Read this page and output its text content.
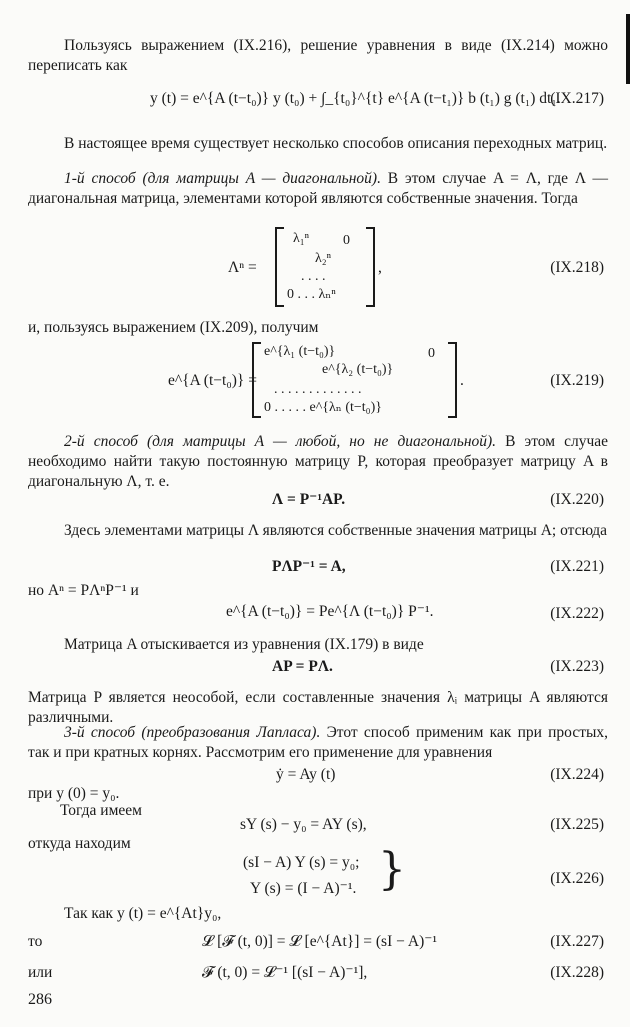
Пользуясь выражением (IX.216), решение уравнения в виде (IX.214) можно переписать как
y (t) = e^{A (t−t₀)} y (t₀) + ∫_{t₀}^{t} e^{A (t−t₁)} b (t₁) g (t₁) dt₁.
(IX.217)
В настоящее время существует несколько способов описания переходных матриц.
1-й способ (для матрицы A — диагональной). В этом случае A = Λ, где Λ — диагональная матрица, элементами которой являются собственные значения. Тогда
Λⁿ =
λ₁ⁿ 0
λ₂ⁿ
. . . .
0 . . . λₙⁿ
,	(IX.218)
и, пользуясь выражением (IX.209), получим
e^{A (t−t₀)} =
e^{λ₁ (t−t₀)}	0
e^{λ₂ (t−t₀)}
. . . . . . . . . . . . .
0 . . . . . e^{λₙ (t−t₀)}
.	(IX.219)
2-й способ (для матрицы A — любой, но не диагональной). В этом случае необходимо найти такую постоянную матрицу P, которая преобразует матрицу A в диагональную Λ, т. е.
Λ = P⁻¹AP.	(IX.220)
Здесь элементами матрицы Λ являются собственные значения матрицы A; отсюда
PΛP⁻¹ = A,	(IX.221)
но Aⁿ = PΛⁿP⁻¹ и
e^{A (t−t₀)} = Pe^{Λ (t−t₀)} P⁻¹.	(IX.222)
Матрица A отыскивается из уравнения (IX.179) в виде
AP = PΛ.	(IX.223)
Матрица P является неособой, если составленные значения λᵢ матрицы A являются различными.
3-й способ (преобразования Лапласа). Этот способ применим как при простых, так и при кратных корнях. Рассмотрим его применение для уравнения
ẏ = Ay (t)	(IX.224)
при y (0) = y₀.
Тогда имеем
sY (s) − y₀ = AY (s),	(IX.225)
откуда находим
(sI − A) Y (s) = y₀;
Y (s) = (I − A)⁻¹. }	(IX.226)
Так как y (t) = e^{At}y₀,
то	𝓛 [𝓕 (t, 0)] = 𝓛 [e^{At}] = (sI − A)⁻¹	(IX.227)
или	𝓕 (t, 0) = 𝓛⁻¹ [(sI − A)⁻¹],	(IX.228)
286
